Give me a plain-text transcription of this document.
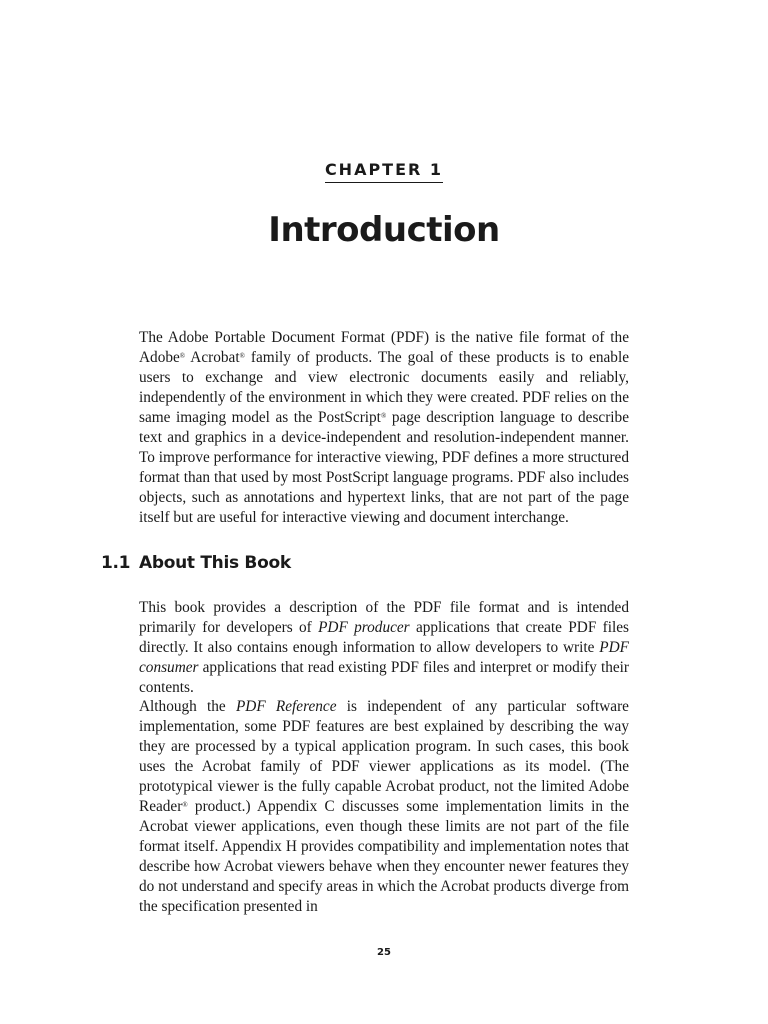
CHAPTER 1
Introduction

The Adobe Portable Document Format (PDF) is the native file format of the Adobe® Acrobat® family of products. The goal of these products is to enable users to exchange and view electronic documents easily and reliably, independently of the environment in which they were created. PDF relies on the same imaging model as the PostScript® page description language to describe text and graphics in a device-independent and resolution-independent manner. To improve performance for interactive viewing, PDF defines a more structured format than that used by most PostScript language programs. PDF also includes objects, such as annotations and hypertext links, that are not part of the page itself but are useful for interactive viewing and document interchange.

1.1 About This Book

This book provides a description of the PDF file format and is intended primarily for developers of PDF producer applications that create PDF files directly. It also contains enough information to allow developers to write PDF consumer applications that read existing PDF files and interpret or modify their contents.

Although the PDF Reference is independent of any particular software implementation, some PDF features are best explained by describing the way they are processed by a typical application program. In such cases, this book uses the Acrobat family of PDF viewer applications as its model. (The prototypical viewer is the fully capable Acrobat product, not the limited Adobe Reader® product.) Appendix C discusses some implementation limits in the Acrobat viewer applications, even though these limits are not part of the file format itself. Appendix H provides compatibility and implementation notes that describe how Acrobat viewers behave when they encounter newer features they do not understand and specify areas in which the Acrobat products diverge from the specification presented in

25
